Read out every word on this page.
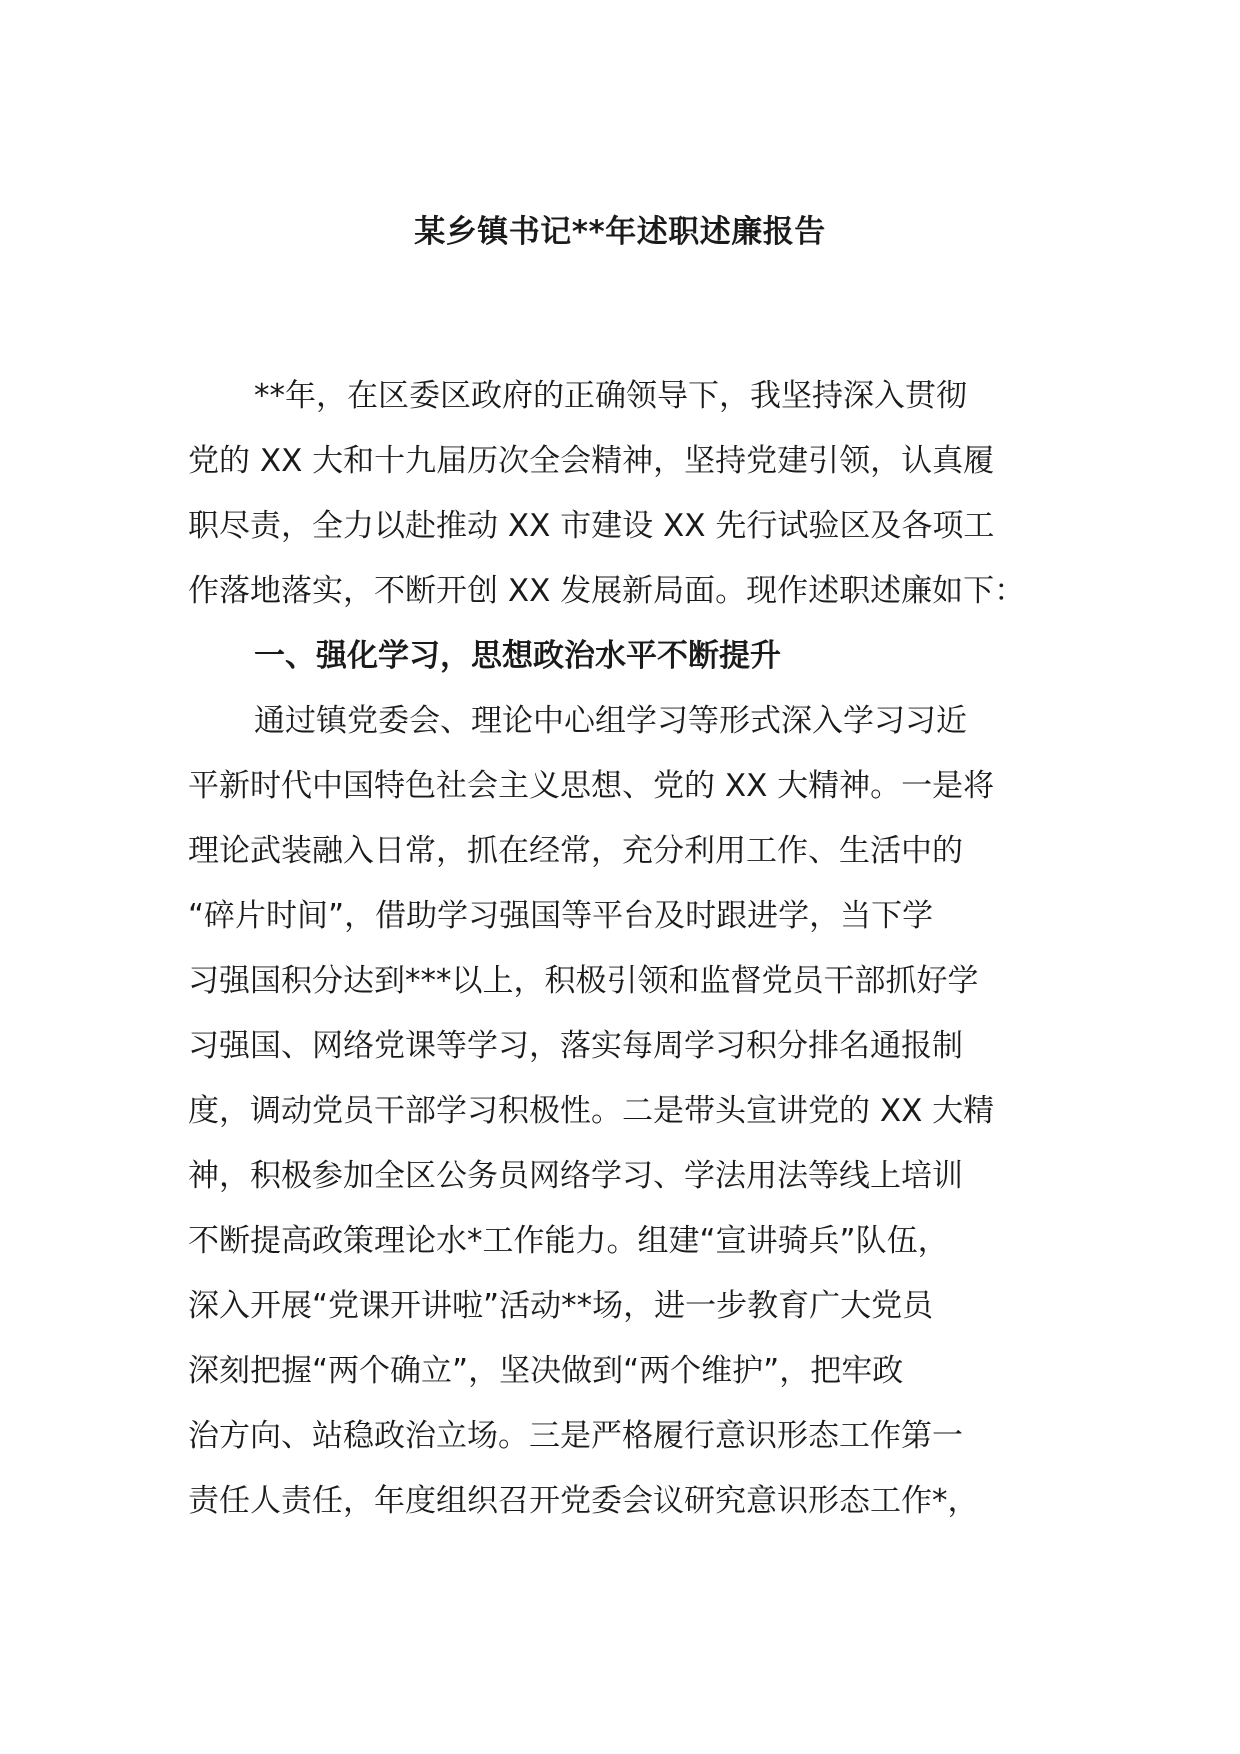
某乡镇书记**年述职述廉报告
**年，在区委区政府的正确领导下，我坚持深入贯彻
党的 XX 大和十九届历次全会精神，坚持党建引领，认真履
职尽责，全力以赴推动 XX 市建设 XX 先行试验区及各项工
作落地落实，不断开创 XX 发展新局面。现作述职述廉如下：
一、强化学习，思想政治水平不断提升
通过镇党委会、理论中心组学习等形式深入学习习近
平新时代中国特色社会主义思想、党的 XX 大精神。一是将
理论武装融入日常，抓在经常，充分利用工作、生活中的
“碎片时间”，借助学习强国等平台及时跟进学，当下学
习强国积分达到***以上，积极引领和监督党员干部抓好学
习强国、网络党课等学习，落实每周学习积分排名通报制
度，调动党员干部学习积极性。二是带头宣讲党的 XX 大精
神，积极参加全区公务员网络学习、学法用法等线上培训
不断提高政策理论水*工作能力。组建“宣讲骑兵”队伍，
深入开展“党课开讲啦”活动**场，进一步教育广大党员
深刻把握“两个确立”，坚决做到“两个维护”，把牢政
治方向、站稳政治立场。三是严格履行意识形态工作第一
责任人责任，年度组织召开党委会议研究意识形态工作*，
